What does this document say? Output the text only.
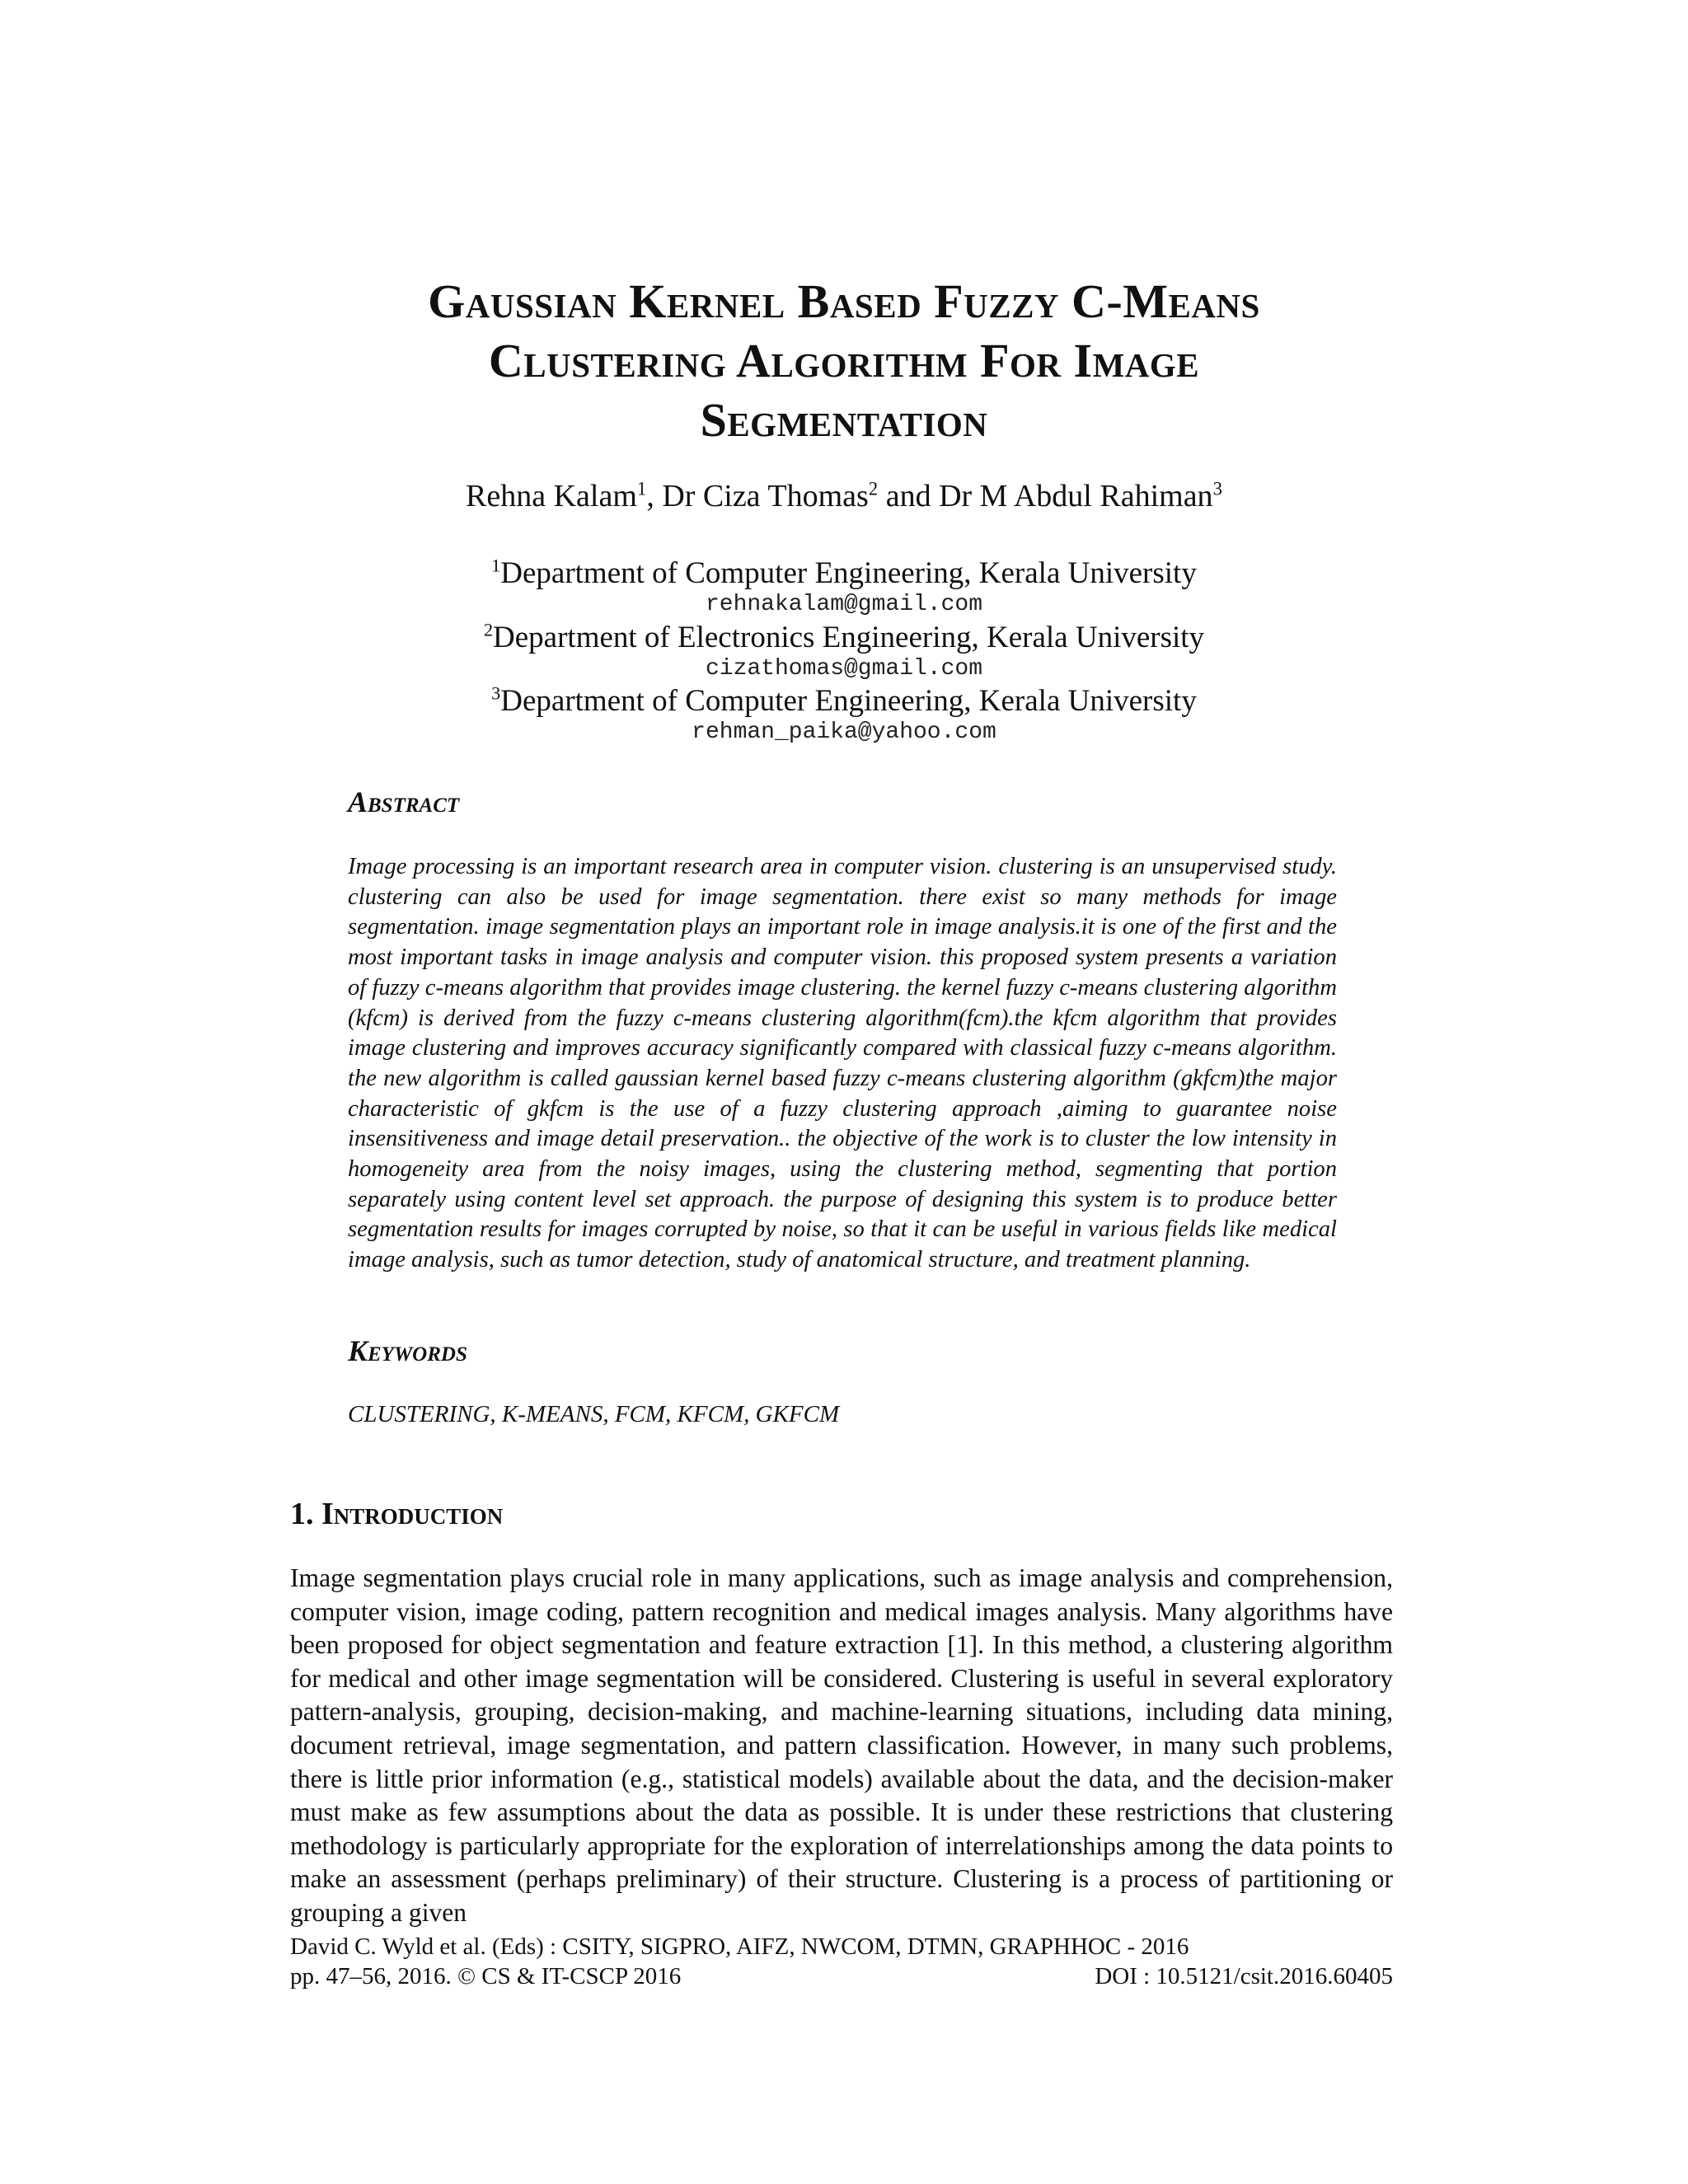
Gaussian Kernel Based Fuzzy C-Means
Clustering Algorithm For Image
Segmentation
Rehna Kalam$^1$, Dr Ciza Thomas$^2$ and Dr M Abdul Rahiman$^3$
$^1$Department of Computer Engineering, Kerala University
rehnakalam@gmail.com
$^2$Department of Electronics Engineering, Kerala University
cizathomas@gmail.com
$^3$Department of Computer Engineering, Kerala University
rehman_paika@yahoo.com
Abstract
Image processing is an important research area in computer vision. clustering is an unsupervised study. clustering can also be used for image segmentation. there exist so many methods for image segmentation. image segmentation plays an important role in image analysis.it is one of the first and the most important tasks in image analysis and computer vision. this proposed system presents a variation of fuzzy c-means algorithm that provides image clustering. the kernel fuzzy c-means clustering algorithm (kfcm) is derived from the fuzzy c-means clustering algorithm(fcm).the kfcm algorithm that provides image clustering and improves accuracy significantly compared with classical fuzzy c-means algorithm. the new algorithm is called gaussian kernel based fuzzy c-means clustering algorithm (gkfcm)the major characteristic of gkfcm is the use of a fuzzy clustering approach ,aiming to guarantee noise insensitiveness and image detail preservation.. the objective of the work is to cluster the low intensity in homogeneity area from the noisy images, using the clustering method, segmenting that portion separately using content level set approach. the purpose of designing this system is to produce better segmentation results for images corrupted by noise, so that it can be useful in various fields like medical image analysis, such as tumor detection, study of anatomical structure, and treatment planning.
Keywords
CLUSTERING, K-MEANS, FCM, KFCM, GKFCM
1. Introduction
Image segmentation plays crucial role in many applications, such as image analysis and comprehension, computer vision, image coding, pattern recognition and medical images analysis. Many algorithms have been proposed for object segmentation and feature extraction [1]. In this method, a clustering algorithm for medical and other image segmentation will be considered. Clustering is useful in several exploratory pattern-analysis, grouping, decision-making, and machine-learning situations, including data mining, document retrieval, image segmentation, and pattern classification. However, in many such problems, there is little prior information (e.g., statistical models) available about the data, and the decision-maker must make as few assumptions about the data as possible. It is under these restrictions that clustering methodology is particularly appropriate for the exploration of interrelationships among the data points to make an assessment (perhaps preliminary) of their structure. Clustering is a process of partitioning or grouping a given
David C. Wyld et al. (Eds) : CSITY, SIGPRO, AIFZ, NWCOM, DTMN, GRAPHHOC - 2016
pp. 47–56, 2016. © CS & IT-CSCP 2016	DOI : 10.5121/csit.2016.60405
